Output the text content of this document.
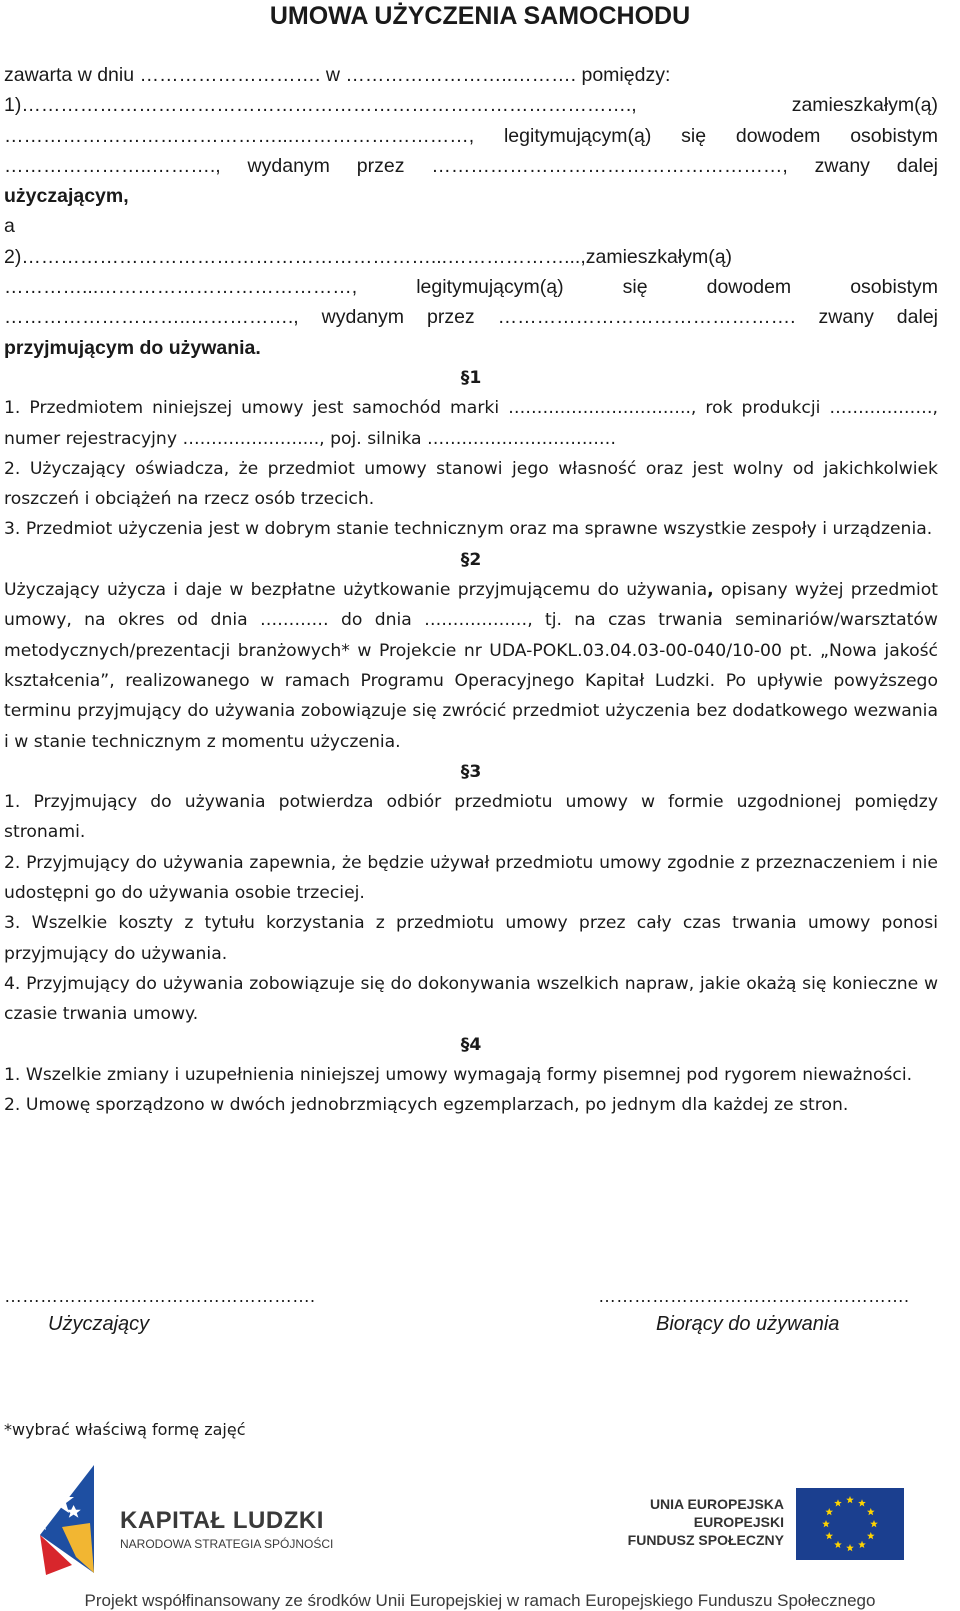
UMOWA UŻYCZENIA SAMOCHODU

zawarta w dniu ………………………. w ……………………..………. pomiędzy:

1)…………………………………………………………………………………., zamieszkałym(ą) ……………………………………...………………………, legitymującym(ą) się dowodem osobistym …………………..………., wydanym przez ………………………………………………, zwany dalej użyczającym,

a

2)………………………………………………………...………………...,zamieszkałym(ą) …………...…………………………………, legitymującym(ą) się dowodem osobistym ………………………..……………., wydanym przez ………………………………………. zwany dalej przyjmującym do używania.

§1

1. Przedmiotem niniejszej umowy jest samochód marki ………………………….., rok produkcji ………………, numer rejestracyjny …………………..., poj. silnika ……………………………

2. Użyczający oświadcza, że przedmiot umowy stanowi jego własność oraz jest wolny od jakichkolwiek roszczeń i obciążeń na rzecz osób trzecich.

3. Przedmiot użyczenia jest w dobrym stanie technicznym oraz ma sprawne wszystkie zespoły i urządzenia.

§2

Użyczający użycza i daje w bezpłatne użytkowanie przyjmującemu do używania, opisany wyżej przedmiot umowy, na okres od dnia ………… do dnia ………………, tj. na czas trwania seminariów/warsztatów metodycznych/prezentacji branżowych* w Projekcie nr UDA-POKL.03.04.03-00-040/10-00 pt. „Nowa jakość kształcenia”, realizowanego w ramach Programu Operacyjnego Kapitał Ludzki. Po upływie powyższego terminu przyjmujący do używania zobowiązuje się zwrócić przedmiot użyczenia bez dodatkowego wezwania i w stanie technicznym z momentu użyczenia.

§3

1. Przyjmujący do używania potwierdza odbiór przedmiotu umowy w formie uzgodnionej pomiędzy stronami.

2. Przyjmujący do używania zapewnia, że będzie używał przedmiotu umowy zgodnie z przeznaczeniem i nie udostępni go do używania osobie trzeciej.

3. Wszelkie koszty z tytułu korzystania z przedmiotu umowy przez cały czas trwania umowy ponosi przyjmujący do używania.

4. Przyjmujący do używania zobowiązuje się do dokonywania wszelkich napraw, jakie okażą się konieczne w czasie trwania umowy.

§4

1. Wszelkie zmiany i uzupełnienia niniejszej umowy wymagają formy pisemnej pod rygorem nieważności.

2. Umowę sporządzono w dwóch jednobrzmiących egzemplarzach, po jednym dla każdej ze stron.

…………………………………………….
Użyczający
…………………………………………….
Biorący do używania
*wybrać właściwą formę zajęć
KAPITAŁ LUDZKI
NARODOWA STRATEGIA SPÓJNOŚCI
UNIA EUROPEJSKA
EUROPEJSKI
FUNDUSZ SPOŁECZNY
Projekt współfinansowany ze środków Unii Europejskiej w ramach Europejskiego Funduszu Społecznego
